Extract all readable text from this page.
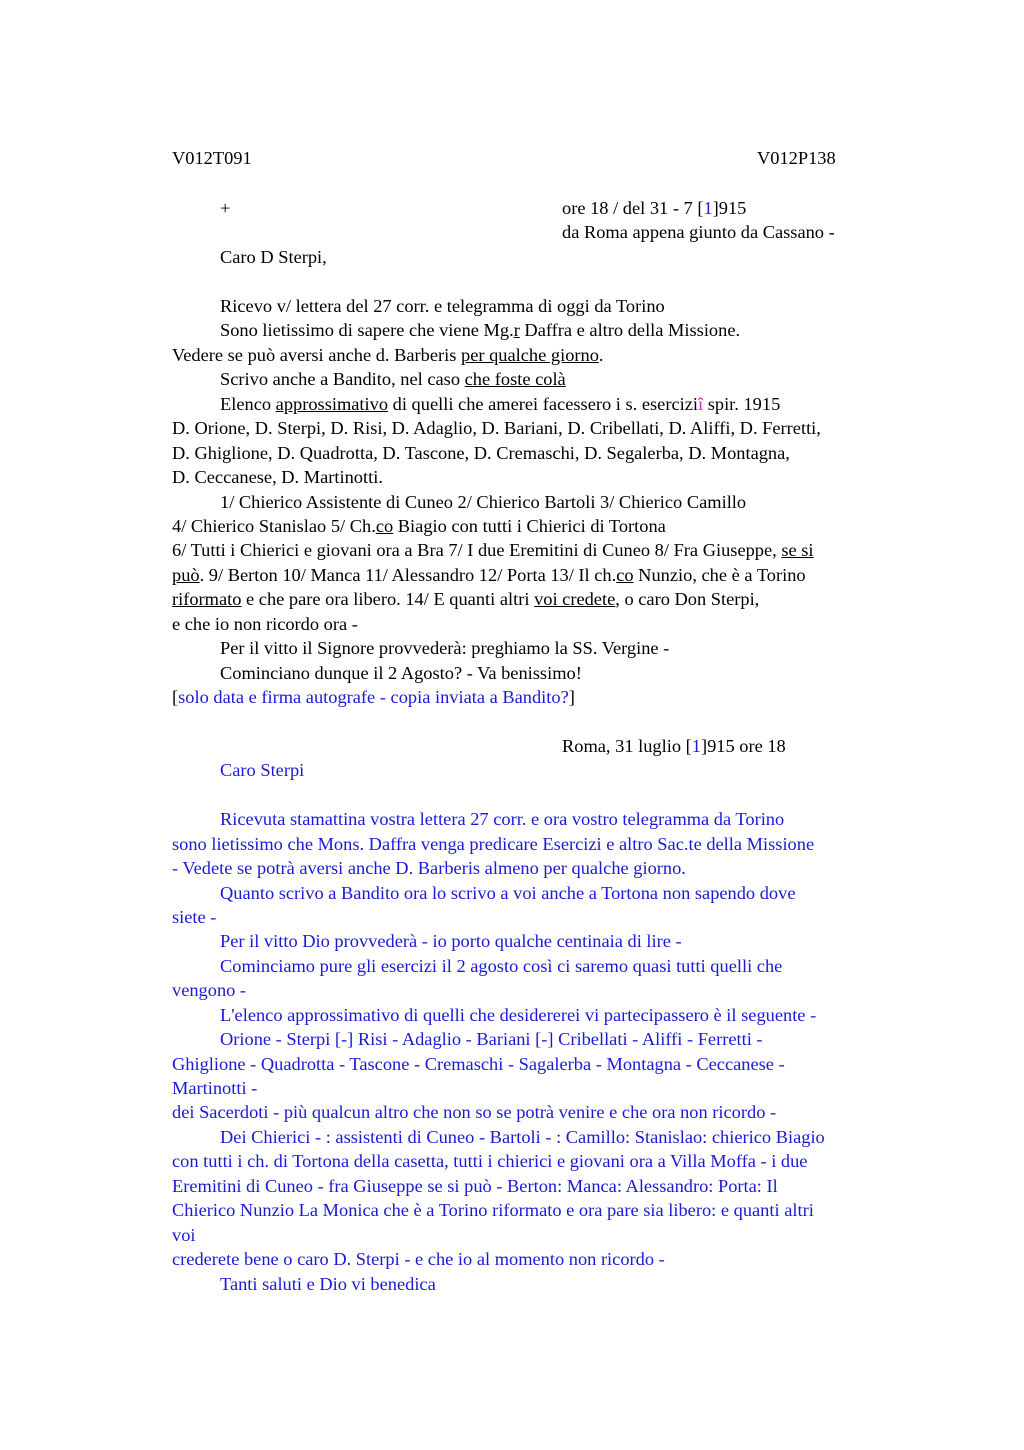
V012T091	V012P138
+	ore 18 / del 31 - 7 [1]915
da Roma appena giunto da Cassano -
Caro D Sterpi,
Ricevo v/ lettera del 27 corr. e telegramma di oggi da Torino
Sono lietissimo di sapere che viene Mg.r Daffra e altro della Missione.
Vedere se può aversi anche d. Barberis per qualche giorno.
Scrivo anche a Bandito, nel caso che foste colà
Elenco approssimativo di quelli che amerei facessero i s. eserciziî spir. 1915
D. Orione, D. Sterpi, D. Risi, D. Adaglio, D. Bariani, D. Cribellati, D. Aliffi, D. Ferretti,
D. Ghiglione, D. Quadrotta, D. Tascone, D. Cremaschi, D. Segalerba, D. Montagna,
D. Ceccanese, D. Martinotti.
1/ Chierico Assistente di Cuneo 2/ Chierico Bartoli 3/ Chierico Camillo
4/ Chierico Stanislao 5/ Ch.co Biagio con tutti i Chierici di Tortona
6/ Tutti i Chierici e giovani ora a Bra 7/ I due Eremitini di Cuneo 8/ Fra Giuseppe, se si
può. 9/ Berton 10/ Manca 11/ Alessandro 12/ Porta 13/ Il ch.co Nunzio, che è a Torino
riformato e che pare ora libero. 14/ E quanti altri voi credete, o caro Don Sterpi,
e che io non ricordo ora -
Per il vitto il Signore provvederà: preghiamo la SS. Vergine -
Cominciano dunque il 2 Agosto? - Va benissimo!
[solo data e firma autografe - copia inviata a Bandito?]
Roma, 31 luglio [1]915 ore 18
Caro Sterpi
Ricevuta stamattina vostra lettera 27 corr. e ora vostro telegramma da Torino
sono lietissimo che Mons. Daffra venga predicare Esercizi e altro Sac.te della Missione
- Vedete se potrà aversi anche D. Barberis almeno per qualche giorno.
Quanto scrivo a Bandito ora lo scrivo a voi anche a Tortona non sapendo dove
siete -
Per il vitto Dio provvederà - io porto qualche centinaia di lire -
Cominciamo pure gli esercizi il 2 agosto così ci saremo quasi tutti quelli che
vengono -
L'elenco approssimativo di quelli che desidererei vi partecipassero è il seguente -
Orione - Sterpi [-] Risi - Adaglio - Bariani [-] Cribellati - Aliffi - Ferretti -
Ghiglione - Quadrotta - Tascone - Cremaschi - Sagalerba - Montagna - Ceccanese -
Martinotti -
dei Sacerdoti - più qualcun altro che non so se potrà venire e che ora non ricordo -
Dei Chierici - : assistenti di Cuneo - Bartoli - : Camillo: Stanislao: chierico Biagio
con tutti i ch. di Tortona della casetta, tutti i chierici e giovani ora a Villa Moffa - i due
Eremitini di Cuneo - fra Giuseppe se si può - Berton: Manca: Alessandro: Porta: Il
Chierico Nunzio La Monica che è a Torino riformato e ora pare sia libero: e quanti altri
voi
crederete bene o caro D. Sterpi - e che io al momento non ricordo -
Tanti saluti e Dio vi benedica
